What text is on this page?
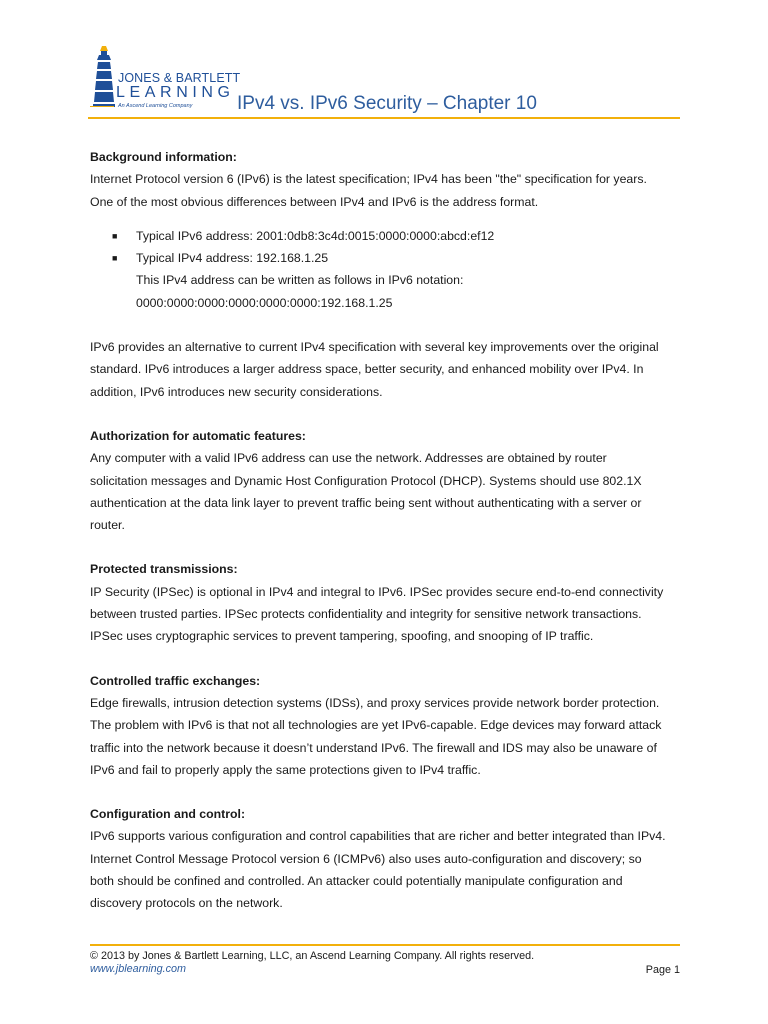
JONES & BARTLETT
LEARNING
An Ascend Learning Company IPv4 vs. IPv6 Security – Chapter 10

Background information:

Internet Protocol version 6 (IPv6) is the latest specification; IPv4 has been "the" specification for years.

One of the most obvious differences between IPv4 and IPv6 is the address format.

■ Typical IPv6 address: 2001:0db8:3c4d:0015:0000:0000:abcd:ef12
■ Typical IPv4 address: 192.168.1.25
This IPv4 address can be written as follows in IPv6 notation:
0000:0000:0000:0000:0000:0000:192.168.1.25

IPv6 provides an alternative to current IPv4 specification with several key improvements over the original

standard. IPv6 introduces a larger address space, better security, and enhanced mobility over IPv4. In

addition, IPv6 introduces new security considerations.

Authorization for automatic features:

Any computer with a valid IPv6 address can use the network. Addresses are obtained by router

solicitation messages and Dynamic Host Configuration Protocol (DHCP). Systems should use 802.1X

authentication at the data link layer to prevent traffic being sent without authenticating with a server or

router.

Protected transmissions:

IP Security (IPSec) is optional in IPv4 and integral to IPv6. IPSec provides secure end-to-end connectivity

between trusted parties. IPSec protects confidentiality and integrity for sensitive network transactions.

IPSec uses cryptographic services to prevent tampering, spoofing, and snooping of IP traffic.

Controlled traffic exchanges:

Edge firewalls, intrusion detection systems (IDSs), and proxy services provide network border protection.

The problem with IPv6 is that not all technologies are yet IPv6-capable. Edge devices may forward attack

traffic into the network because it doesn’t understand IPv6. The firewall and IDS may also be unaware of

IPv6 and fail to properly apply the same protections given to IPv4 traffic.

Configuration and control:

IPv6 supports various configuration and control capabilities that are richer and better integrated than IPv4.

Internet Control Message Protocol version 6 (ICMPv6) also uses auto-configuration and discovery; so

both should be confined and controlled. An attacker could potentially manipulate configuration and

discovery protocols on the network.

© 2013 by Jones & Bartlett Learning, LLC, an Ascend Learning Company. All rights reserved.
www.jblearning.com	Page 1
